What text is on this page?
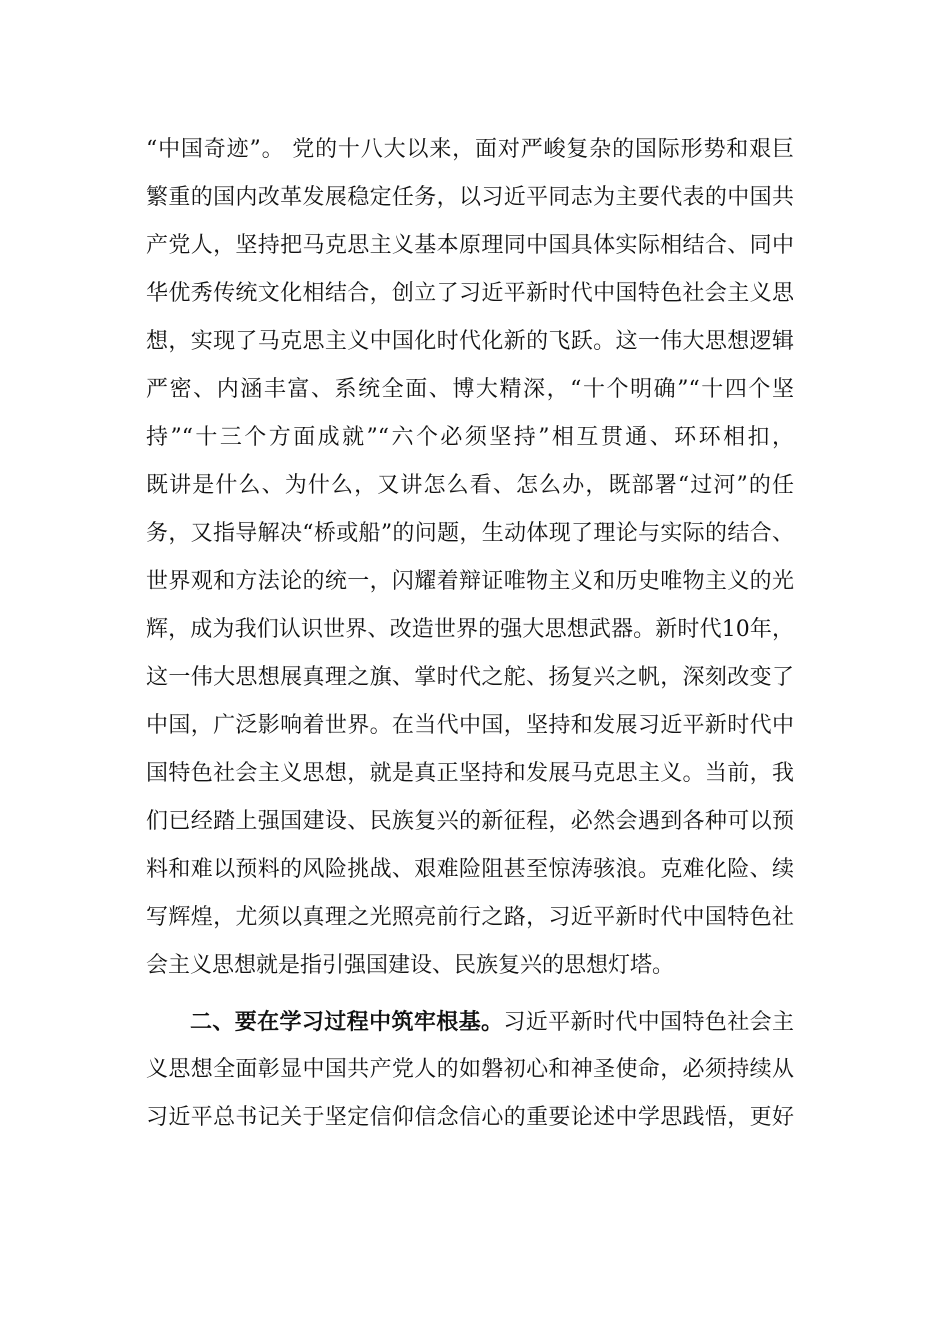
“中国奇迹”。 党的十八大以来，面对严峻复杂的国际形势和艰巨
繁重的国内改革发展稳定任务，以习近平同志为主要代表的中国共
产党人，坚持把马克思主义基本原理同中国具体实际相结合、同中
华优秀传统文化相结合，创立了习近平新时代中国特色社会主义思
想，实现了马克思主义中国化时代化新的飞跃。这一伟大思想逻辑
严密、内涵丰富、系统全面、博大精深，“十个明确”“十四个坚
持”“十三个方面成就”“六个必须坚持”相互贯通、环环相扣，
既讲是什么、为什么，又讲怎么看、怎么办，既部署“过河”的任
务，又指导解决“桥或船”的问题，生动体现了理论与实际的结合、
世界观和方法论的统一，闪耀着辩证唯物主义和历史唯物主义的光
辉，成为我们认识世界、改造世界的强大思想武器。新时代10年，
这一伟大思想展真理之旗、掌时代之舵、扬复兴之帆，深刻改变了
中国，广泛影响着世界。在当代中国，坚持和发展习近平新时代中
国特色社会主义思想，就是真正坚持和发展马克思主义。当前，我
们已经踏上强国建设、民族复兴的新征程，必然会遇到各种可以预
料和难以预料的风险挑战、艰难险阻甚至惊涛骇浪。克难化险、续
写辉煌，尤须以真理之光照亮前行之路，习近平新时代中国特色社
会主义思想就是指引强国建设、民族复兴的思想灯塔。
二、要在学习过程中筑牢根基。习近平新时代中国特色社会主
义思想全面彰显中国共产党人的如磐初心和神圣使命，必须持续从
习近平总书记关于坚定信仰信念信心的重要论述中学思践悟，更好
